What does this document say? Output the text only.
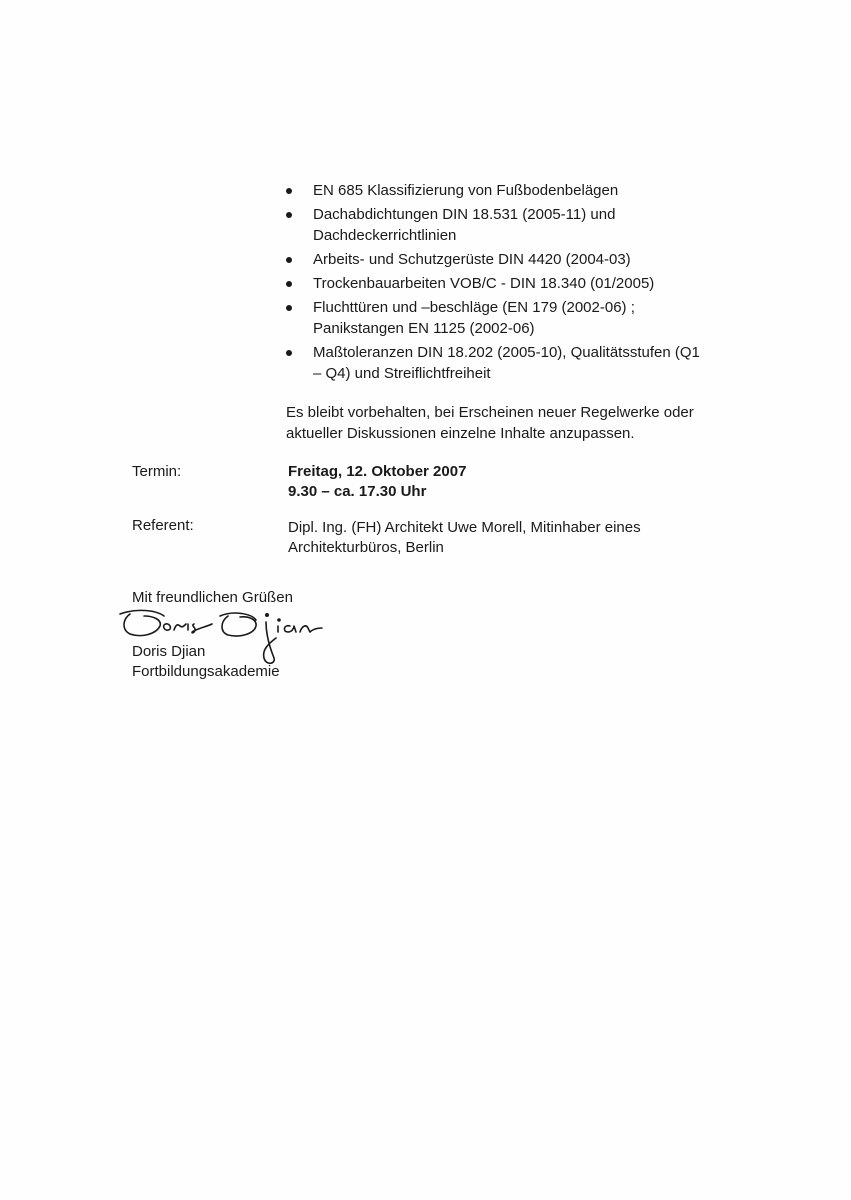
EN 685 Klassifizierung von Fußbodenbelägen
Dachabdichtungen DIN 18.531 (2005-11) und Dachdeckerrichtlinien
Arbeits- und Schutzgerüste DIN 4420 (2004-03)
Trockenbauarbeiten VOB/C - DIN 18.340 (01/2005)
Fluchttüren und –beschläge (EN 179 (2002-06) ; Panikstangen EN 1125 (2002-06)
Maßtoleranzen DIN 18.202 (2005-10), Qualitätsstufen (Q1 – Q4) und Streiflichtfreiheit
Es bleibt vorbehalten, bei Erscheinen neuer Regelwerke oder aktueller Diskussionen einzelne Inhalte anzupassen.
Termin:	Freitag, 12. Oktober 2007
9.30 – ca. 17.30 Uhr
Referent:	Dipl. Ing. (FH) Architekt Uwe Morell, Mitinhaber eines
Architekturbüros, Berlin
Mit freundlichen Grüßen
Doris Djian
Fortbildungsakademie
